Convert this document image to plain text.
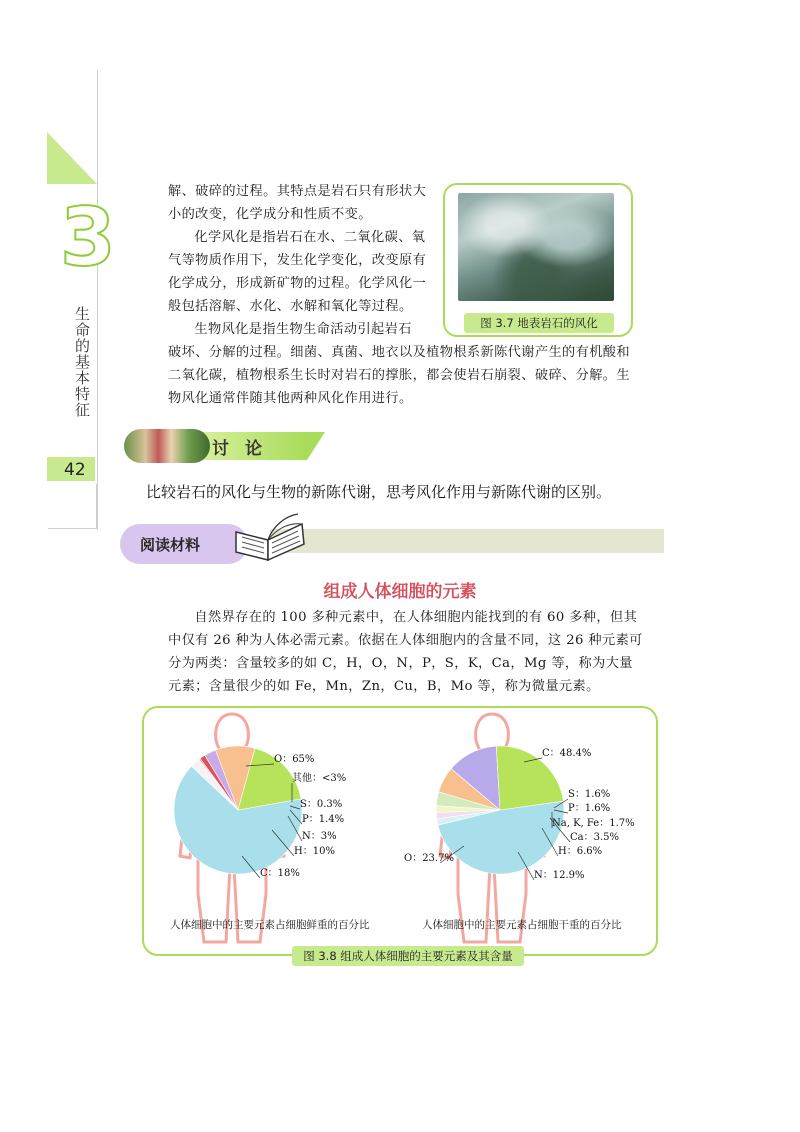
3
生命的基本特征
42
解、破碎的过程。其特点是岩石只有形状大小的改变，化学成分和性质不变。
化学风化是指岩石在水、二氧化碳、氧气等物质作用下，发生化学变化，改变原有化学成分，形成新矿物的过程。化学风化一般包括溶解、水化、水解和氧化等过程。
生物风化是指生物生命活动引起岩石
破坏、分解的过程。细菌、真菌、地衣以及植物根系新陈代谢产生的有机酸和二氧化碳，植物根系生长时对岩石的撑胀，都会使岩石崩裂、破碎、分解。生物风化通常伴随其他两种风化作用进行。
图 3.7 地表岩石的风化
讨论
比较岩石的风化与生物的新陈代谢，思考风化作用与新陈代谢的区别。
阅读材料
组成人体细胞的元素
自然界存在的 100 多种元素中，在人体细胞内能找到的有 60 多种，但其中仅有 26 种为人体必需元素。依据在人体细胞内的含量不同，这 26 种元素可分为两类：含量较多的如 C，H，O，N，P，S，K，Ca，Mg 等，称为大量元素；含量很少的如 Fe，Mn，Zn，Cu，B，Mo 等，称为微量元素。
O：65%
其他：<3%
S：0.3%
P：1.4%
N：3%
H：10%
C：18%
C：48.4%
S：1.6%
P：1.6%
Na, K, Fe：1.7%
Ca：3.5%
H：6.6%
N：12.9%
O：23.7%
人体细胞中的主要元素占细胞鲜重的百分比	人体细胞中的主要元素占细胞干重的百分比
图 3.8 组成人体细胞的主要元素及其含量
